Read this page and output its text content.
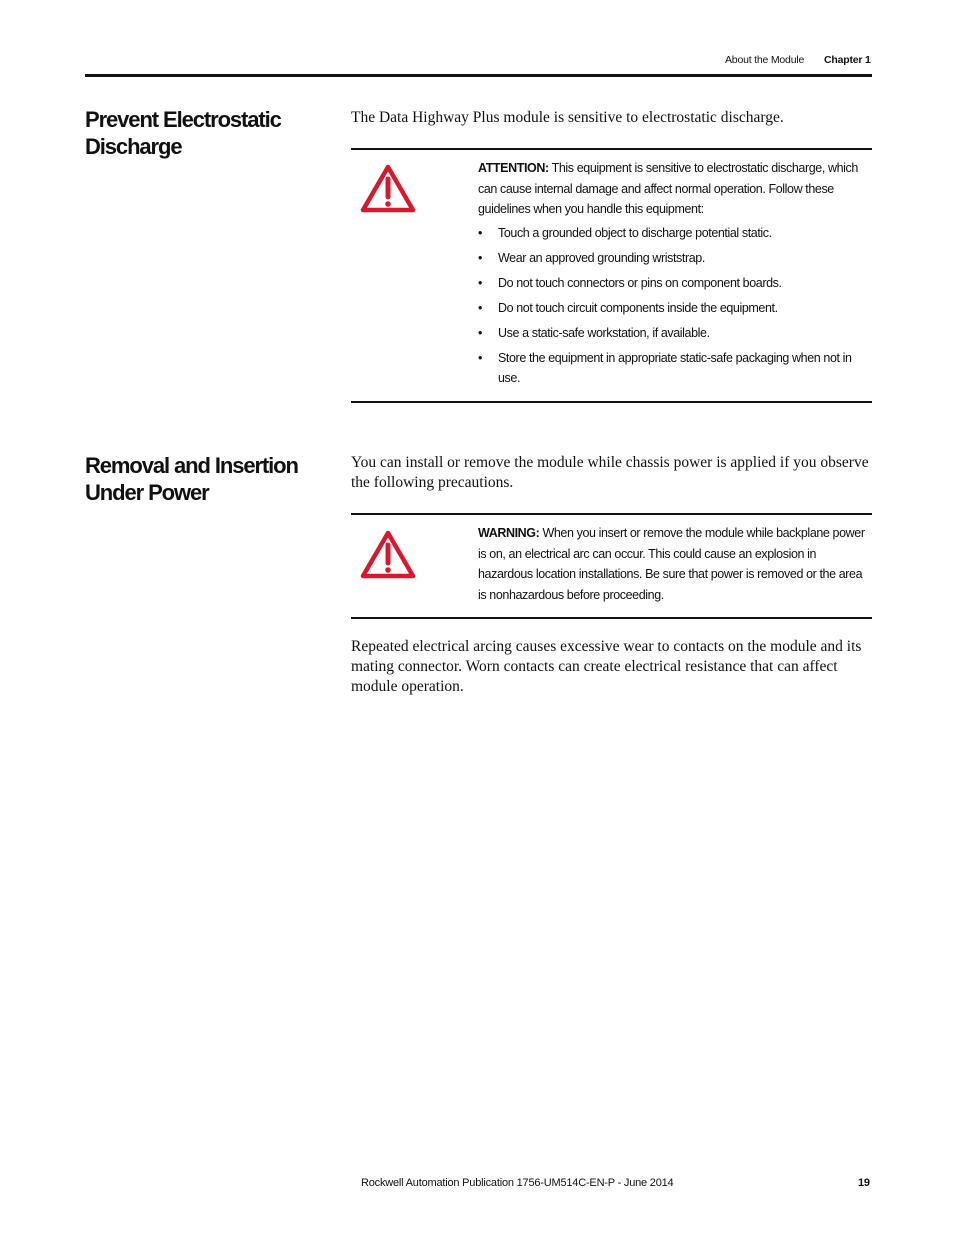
About the Module Chapter 1
Prevent Electrostatic Discharge

The Data Highway Plus module is sensitive to electrostatic discharge.

ATTENTION: This equipment is sensitive to electrostatic discharge, which can cause internal damage and affect normal operation. Follow these guidelines when you handle this equipment:
• Touch a grounded object to discharge potential static.
• Wear an approved grounding wriststrap.
• Do not touch connectors or pins on component boards.
• Do not touch circuit components inside the equipment.
• Use a static-safe workstation, if available.
• Store the equipment in appropriate static-safe packaging when not in use.
Removal and Insertion Under Power

You can install or remove the module while chassis power is applied if you observe the following precautions.

WARNING: When you insert or remove the module while backplane power is on, an electrical arc can occur. This could cause an explosion in hazardous location installations. Be sure that power is removed or the area is nonhazardous before proceeding.

Repeated electrical arcing causes excessive wear to contacts on the module and its mating connector. Worn contacts can create electrical resistance that can affect module operation.

Rockwell Automation Publication 1756-UM514C-EN-P - June 2014	19
